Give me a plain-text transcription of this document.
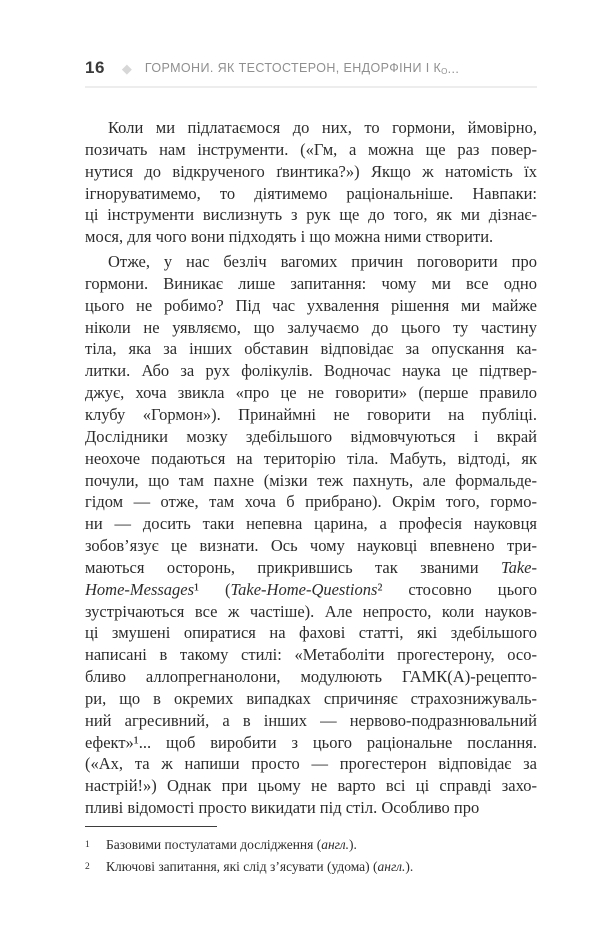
16 ◆ ГОРМОНИ. ЯК ТЕСТОСТЕРОН, ЕНДОРФІНИ І КО...
Коли ми підлатаємося до них, то гормони, ймовірно,
позичать нам інструменти. («Гм, а можна ще раз повер-
нутися до відкрученого ґвинтика?») Якщо ж натомість їх
ігноруватимемо, то діятимемо раціональніше. Навпаки:
ці інструменти вислизнуть з рук ще до того, як ми дізнає-
мося, для чого вони підходять і що можна ними створити.
Отже, у нас безліч вагомих причин поговорити про
гормони. Виникає лише запитання: чому ми все одно
цього не робимо? Під час ухвалення рішення ми майже
ніколи не уявляємо, що залучаємо до цього ту частину
тіла, яка за інших обставин відповідає за опускання ка-
литки. Або за рух фолікулів. Водночас наука це підтвер-
джує, хоча звикла «про це не говорити» (перше правило
клубу «Гормон»). Принаймні не говорити на публіці.
Дослідники мозку здебільшого відмовчуються і вкрай
неохоче подаються на територію тіла. Мабуть, відтоді, як
почули, що там пахне (мізки теж пахнуть, але формальде-
гідом — отже, там хоча б прибрано). Окрім того, гормо-
ни — досить таки непевна царина, а професія науковця
зобов’язує це визнати. Ось чому науковці впевнено три-
маються осторонь, прикрившись так званими Take-
Home-Messages¹ (Take-Home-Questions² стосовно цього
зустрічаються все ж частіше). Але непросто, коли науков-
ці змушені опиратися на фахові статті, які здебільшого
написані в такому стилі: «Метаболіти прогестерону, осо-
бливо аллопрегнанолони, модулюють ГАМК(А)-рецепто-
ри, що в окремих випадках спричиняє страхознижуваль-
ний агресивний, а в інших — нервово-подразнювальний
ефект»¹... щоб виробити з цього раціональне послання.
(«Ах, та ж напиши просто — прогестерон відповідає за
настрій!») Однак при цьому не варто всі ці справді захо-
пливі відомості просто викидати під стіл. Особливо про
1	Базовими постулатами дослідження (англ.).
2	Ключові запитання, які слід з’ясувати (удома) (англ.).
